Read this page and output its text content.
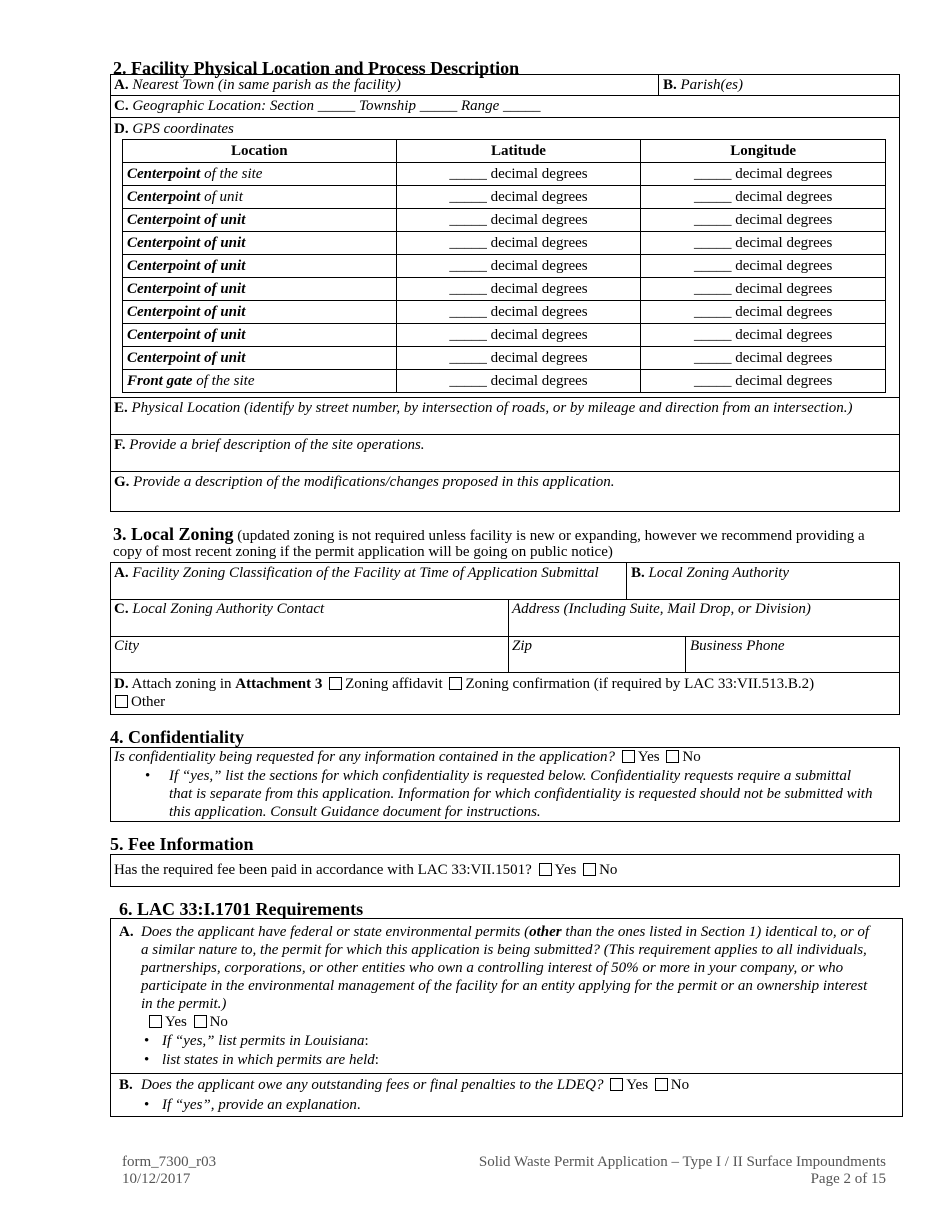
2. Facility Physical Location and Process Description
A. Nearest Town (in same parish as the facility)	B. Parish(es)
C. Geographic Location: Section _____ Township _____ Range _____
D. GPS coordinates
Location	Latitude	Longitude
Centerpoint of the site	_____ decimal degrees	_____ decimal degrees
Centerpoint of unit	_____ decimal degrees	_____ decimal degrees
Centerpoint of unit	_____ decimal degrees	_____ decimal degrees
Centerpoint of unit	_____ decimal degrees	_____ decimal degrees
Centerpoint of unit	_____ decimal degrees	_____ decimal degrees
Centerpoint of unit	_____ decimal degrees	_____ decimal degrees
Centerpoint of unit	_____ decimal degrees	_____ decimal degrees
Centerpoint of unit	_____ decimal degrees	_____ decimal degrees
Centerpoint of unit	_____ decimal degrees	_____ decimal degrees
Front gate of the site	_____ decimal degrees	_____ decimal degrees
E. Physical Location (identify by street number, by intersection of roads, or by mileage and direction from an intersection.)
F. Provide a brief description of the site operations.
G. Provide a description of the modifications/changes proposed in this application.
3. Local Zoning (updated zoning is not required unless facility is new or expanding, however we recommend providing a
copy of most recent zoning if the permit application will be going on public notice)
A. Facility Zoning Classification of the Facility at Time of Application Submittal B. Local Zoning Authority
C. Local Zoning Authority Contact	Address (Including Suite, Mail Drop, or Division)
City	Zip	Business Phone
D. Attach zoning in Attachment 3 Zoning affidavit Zoning confirmation (if required by LAC 33:VII.513.B.2)
Other
4. Confidentiality
Is confidentiality being requested for any information contained in the application? Yes No
• If “yes,” list the sections for which confidentiality is requested below. Confidentiality requests require a submittal
that is separate from this application. Information for which confidentiality is requested should not be submitted with
this application. Consult Guidance document for instructions.
5. Fee Information
Has the required fee been paid in accordance with LAC 33:VII.1501? Yes No
6. LAC 33:I.1701 Requirements
A. Does the applicant have federal or state environmental permits (other than the ones listed in Section 1) identical to, or of
a similar nature to, the permit for which this application is being submitted? (This requirement applies to all individuals,
partnerships, corporations, or other entities who own a controlling interest of 50% or more in your company, or who
participate in the environmental management of the facility for an entity applying for the permit or an ownership interest
in the permit.)
Yes No
• If “yes,” list permits in Louisiana:
• list states in which permits are held:
B. Does the applicant owe any outstanding fees or final penalties to the LDEQ? Yes No
• If “yes”, provide an explanation.
form_7300_r03
10/12/2017
Solid Waste Permit Application – Type I / II Surface Impoundments
Page 2 of 15
